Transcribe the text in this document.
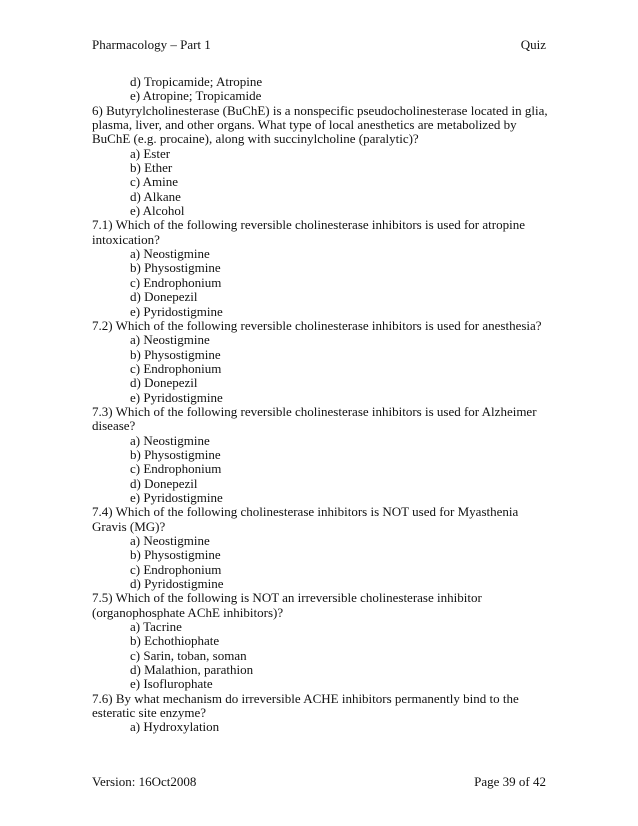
Pharmacology – Part 1	Quiz

d) Tropicamide; Atropine

e) Atropine; Tropicamide

6) Butyrylcholinesterase (BuChE) is a nonspecific pseudocholinesterase located in glia, plasma, liver, and other organs. What type of local anesthetics are metabolized by BuChE (e.g. procaine), along with succinylcholine (paralytic)?

a) Ester

b) Ether

c) Amine

d) Alkane

e) Alcohol

7.1) Which of the following reversible cholinesterase inhibitors is used for atropine intoxication?

a) Neostigmine

b) Physostigmine

c) Endrophonium

d) Donepezil

e) Pyridostigmine

7.2) Which of the following reversible cholinesterase inhibitors is used for anesthesia?

a) Neostigmine

b) Physostigmine

c) Endrophonium

d) Donepezil

e) Pyridostigmine

7.3) Which of the following reversible cholinesterase inhibitors is used for Alzheimer disease?

a) Neostigmine

b) Physostigmine

c) Endrophonium

d) Donepezil

e) Pyridostigmine

7.4) Which of the following cholinesterase inhibitors is NOT used for Myasthenia Gravis (MG)?

a) Neostigmine

b) Physostigmine

c) Endrophonium

d) Pyridostigmine

7.5) Which of the following is NOT an irreversible cholinesterase inhibitor (organophosphate AChE inhibitors)?

a) Tacrine

b) Echothiophate

c) Sarin, toban, soman

d) Malathion, parathion

e) Isoflurophate

7.6) By what mechanism do irreversible ACHE inhibitors permanently bind to the esteratic site enzyme?

a) Hydroxylation

Version: 16Oct2008	Page 39 of 42
